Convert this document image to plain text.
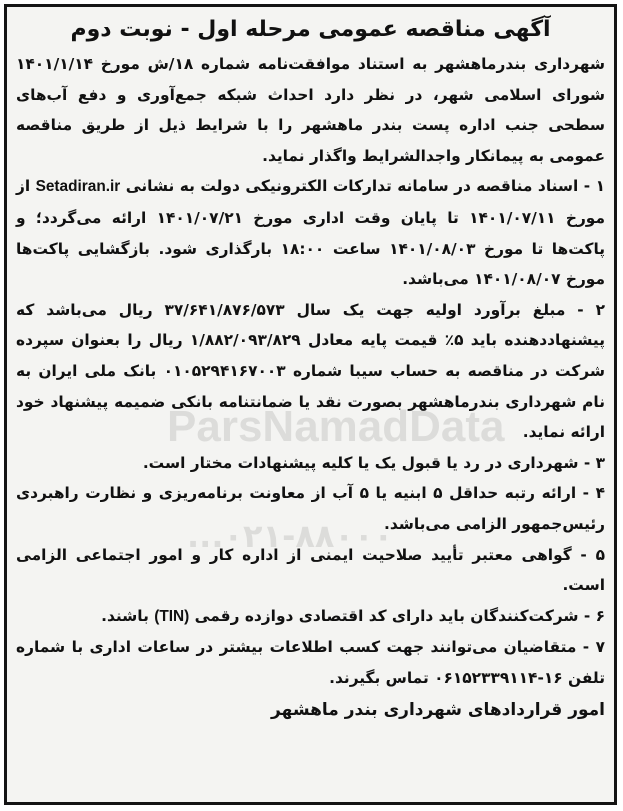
ParsNamadData
۰۲۱-۸۸۰۰۰...
آگهی مناقصه عمومی مرحله اول - نوبت دوم

شهرداری بندرماهشهر به استناد موافقت‌نامه شماره ۱۸/ش مورخ ۱۴۰۱/۱/۱۴ شورای اسلامی شهر، در نظر دارد احداث شبکه جمع‌آوری و دفع آب‌های سطحی جنب اداره پست بندر ماهشهر را با شرایط ذیل از طریق مناقصه عمومی به پیمانکار واجدالشرایط واگذار نماید.

۱ - اسناد مناقصه در سامانه تدارکات الکترونیکی دولت به نشانی Setadiran.ir از مورخ ۱۴۰۱/۰۷/۱۱ تا پایان وقت اداری مورخ ۱۴۰۱/۰۷/۲۱ ارائه می‌گردد؛ و پاکت‌ها تا مورخ ۱۴۰۱/۰۸/۰۳ ساعت ۱۸:۰۰ بارگذاری شود. بازگشایی پاکت‌ها مورخ ۱۴۰۱/۰۸/۰۷ می‌باشد.

۲ - مبلغ برآورد اولیه جهت یک سال ۳۷/۶۴۱/۸۷۶/۵۷۳ ریال می‌باشد که پیشنهاددهنده باید ۵٪ قیمت پایه معادل ۱/۸۸۲/۰۹۳/۸۲۹ ریال را بعنوان سپرده شرکت در مناقصه به حساب سیبا شماره ۰۱۰۵۲۹۴۱۶۷۰۰۳ بانک ملی ایران به نام شهرداری بندرماهشهر بصورت نقد یا ضمانتنامه بانکی ضمیمه پیشنهاد خود ارائه نماید.

۳ - شهرداری در رد یا قبول یک یا کلیه پیشنهادات مختار است.

۴ - ارائه رتبه حداقل ۵ ابنیه یا ۵ آب از معاونت برنامه‌ریزی و نظارت راهبردی رئیس‌جمهور الزامی می‌باشد.

۵ - گواهی معتبر تأیید صلاحیت ایمنی از اداره کار و امور اجتماعی الزامی است.

۶ - شرکت‌کنندگان باید دارای کد اقتصادی دوازده رقمی (TIN) باشند.

۷ - متقاضیان می‌توانند جهت کسب اطلاعات بیشتر در ساعات اداری با شماره تلفن ۱۶-۰۶۱۵۲۳۳۹۱۱۴ تماس بگیرند.

امور قراردادهای شهرداری بندر ماهشهر
